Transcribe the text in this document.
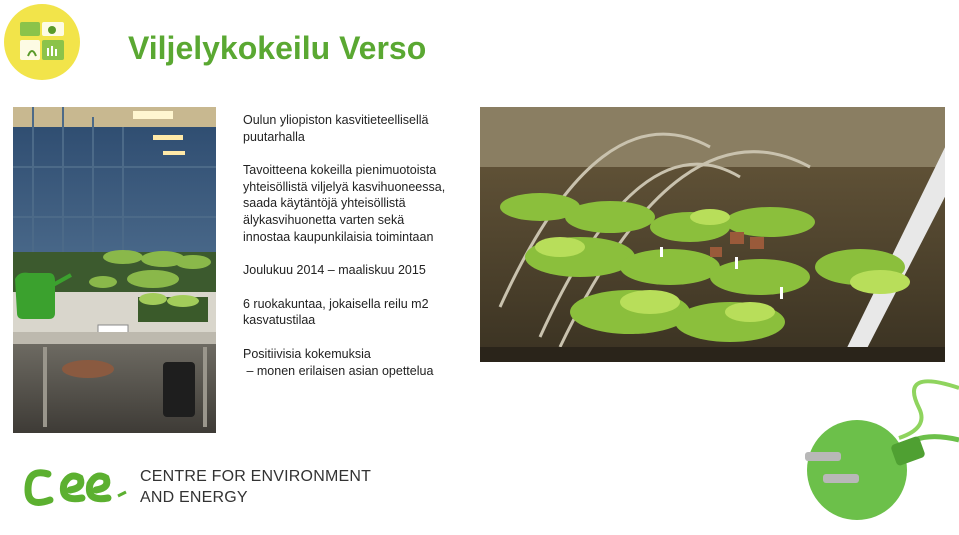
Viljelykokeilu Verso

Oulun yliopiston kasvitieteellisellä
puutarhalla

Tavoitteena kokeilla pienimuotoista
yhteisöllistä viljelyä kasvihuoneessa,
saada käytäntöjä yhteisöllistä
älykasvihuonetta varten sekä
innostaa kaupunkilaisia toimintaan

Joulukuu 2014 – maaliskuu 2015

6 ruokakuntaa, jokaisella reilu m2
kasvatustilaa

Positiivisia kokemuksia
– monen erilaisen asian opettelua

CENTRE FOR ENVIRONMENT
AND ENERGY
